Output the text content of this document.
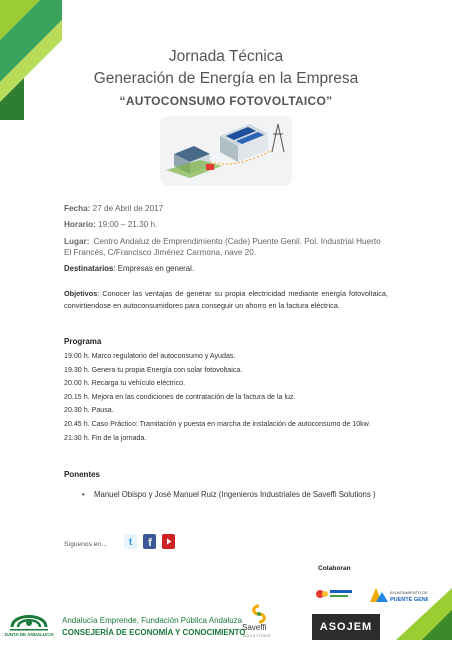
Jornada Técnica
Generación de Energía en la Empresa
“AUTOCONSUMO FOTOVOLTAICO”
Fecha: 27 de Abril de 2017
Horario: 19:00 – 21.30 h.
Lugar: Centro Andaluz de Emprendimiento (Cade) Puente Genil. Pol. Industrial Huerto El Francés, C/Francisco Jiménez Carmona, nave 20.
Destinatarios: Empresas en general.
Objetivos: Conocer las ventajas de generar su propia electricidad mediante energía fotovoltaica, convirtiendose en autoconsumidores para conseguir un ahorro en la factura eléctrica.
Programa
19.00 h. Marco regulatorio del autoconsumo y Ayudas.
19.30 h. Genera tu propia Energía con solar fotovoltaica.
20.00 h. Recarga tu vehículo eléctrico.
20.15 h. Mejora en las condiciones de contratación de la factura de la luz.
20.30 h. Pausa.
20.45 h. Caso Práctico: Tramitación y puesta en marcha de instalación de autoconsumo de 10kw.
21.30 h. Fin de la jornada.
Ponentes
• Manuel Obispo y José Manuel Ruiz (Ingenieros Industriales de Saveffi Solutions )
Síguenos en… t f
Colaboran
AYUNTAMIENTO DE
PUENTE GENIL
JUNTA DE ANDALUCIA
Andalucía Emprende, Fundación Pública Andaluza
CONSEJERÍA DE ECONOMÍA Y CONOCIMIENTO
Saveffi
SOLUTIONS
ASOJEM
